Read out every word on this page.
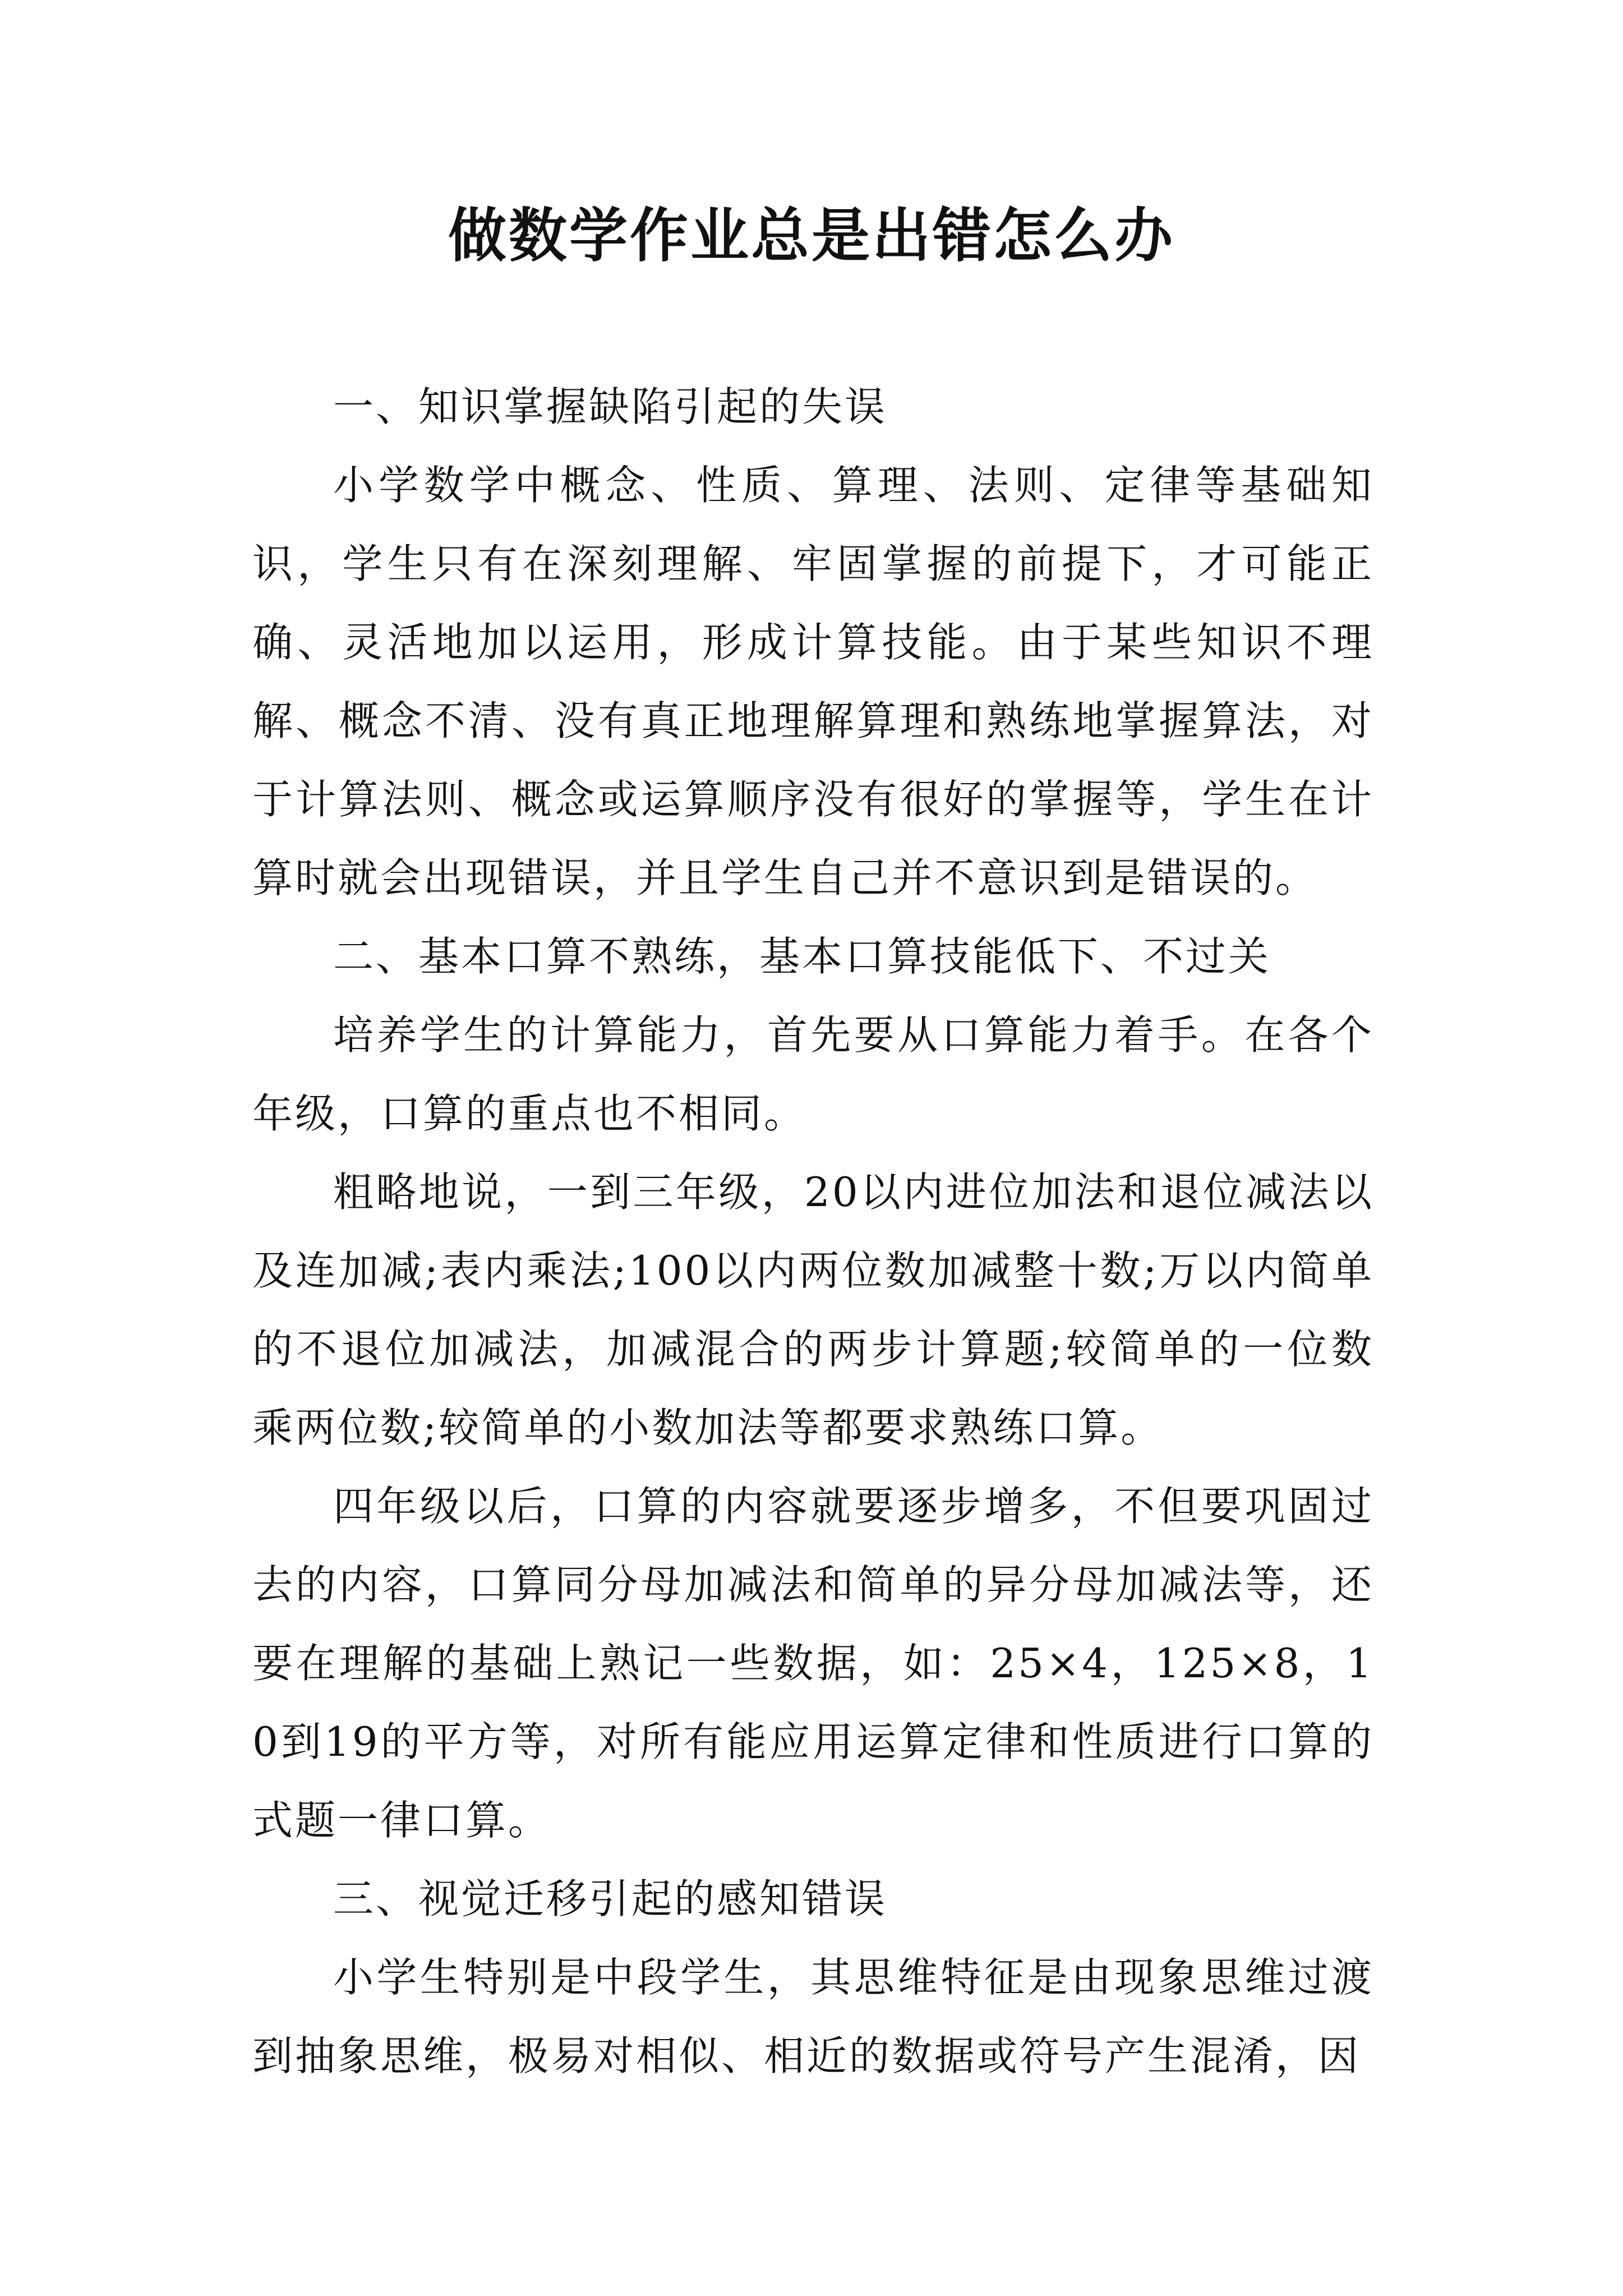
做数学作业总是出错怎么办

一、知识掌握缺陷引起的失误

小学数学中概念、性质、算理、法则、定律等基础知识，学生只有在深刻理解、牢固掌握的前提下，才可能正确、灵活地加以运用，形成计算技能。由于某些知识不理解、概念不清、没有真正地理解算理和熟练地掌握算法，对于计算法则、概念或运算顺序没有很好的掌握等，学生在计算时就会出现错误，并且学生自己并不意识到是错误的。

二、基本口算不熟练，基本口算技能低下、不过关

培养学生的计算能力，首先要从口算能力着手。在各个年级，口算的重点也不相同。

粗略地说，一到三年级，20以内进位加法和退位减法以及连加减;表内乘法;100以内两位数加减整十数;万以内简单的不退位加减法，加减混合的两步计算题;较简单的一位数乘两位数;较简单的小数加法等都要求熟练口算。

四年级以后，口算的内容就要逐步增多，不但要巩固过去的内容，口算同分母加减法和简单的异分母加减法等，还要在理解的基础上熟记一些数据，如：25×4，125×8，10到19的平方等，对所有能应用运算定律和性质进行口算的式题一律口算。

三、视觉迁移引起的感知错误

小学生特别是中段学生，其思维特征是由现象思维过渡到抽象思维，极易对相似、相近的数据或符号产生混淆，因
